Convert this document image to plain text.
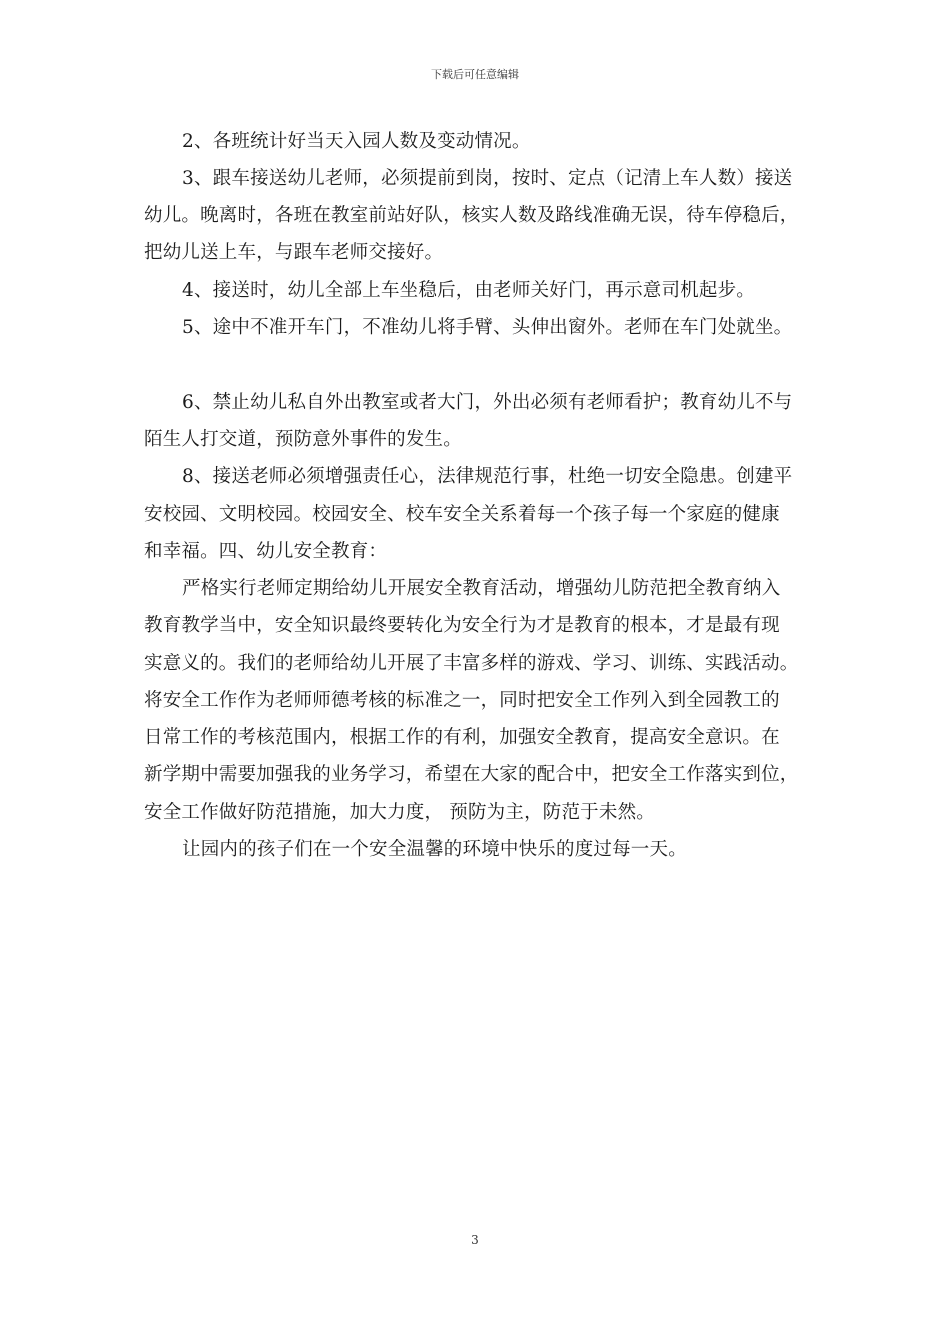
下载后可任意编辑
2、各班统计好当天入园人数及变动情况。
3、跟车接送幼儿老师，必须提前到岗，按时、定点（记清上车人数）接送
幼儿。晚离时，各班在教室前站好队，核实人数及路线准确无误，待车停稳后，
把幼儿送上车，与跟车老师交接好。
4、接送时，幼儿全部上车坐稳后，由老师关好门，再示意司机起步。
5、途中不准开车门，不准幼儿将手臂、头伸出窗外。老师在车门处就坐。
6、禁止幼儿私自外出教室或者大门，外出必须有老师看护；教育幼儿不与
陌生人打交道，预防意外事件的发生。
8、接送老师必须增强责任心，法律规范行事，杜绝一切安全隐患。创建平
安校园、文明校园。校园安全、校车安全关系着每一个孩子每一个家庭的健康
和幸福。四、幼儿安全教育：
严格实行老师定期给幼儿开展安全教育活动，增强幼儿防范把全教育纳入
教育教学当中，安全知识最终要转化为安全行为才是教育的根本，才是最有现
实意义的。我们的老师给幼儿开展了丰富多样的游戏、学习、训练、实践活动。
将安全工作作为老师师德考核的标准之一，同时把安全工作列入到全园教工的
日常工作的考核范围内，根据工作的有利，加强安全教育，提高安全意识。在
新学期中需要加强我的业务学习，希望在大家的配合中，把安全工作落实到位，
安全工作做好防范措施，加大力度， 预防为主，防范于未然。
让园内的孩子们在一个安全温馨的环境中快乐的度过每一天。
3
